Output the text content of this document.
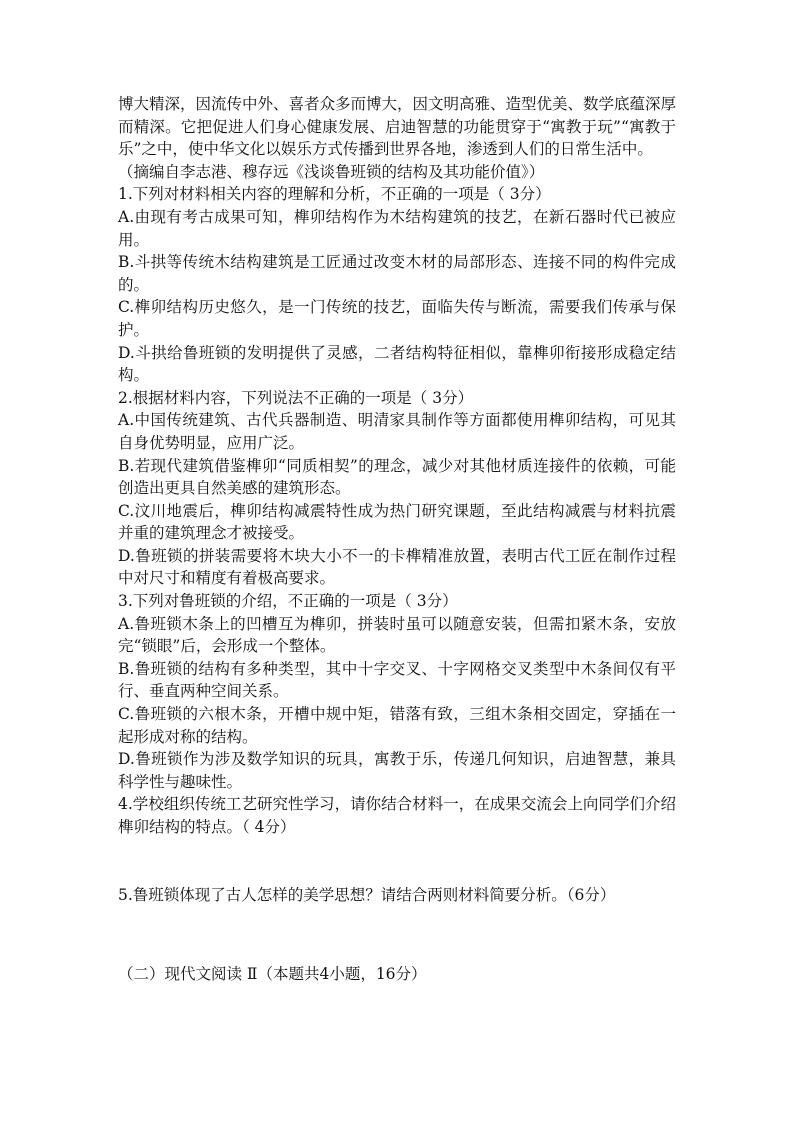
博大精深，因流传中外、喜者众多而博大，因文明高雅、造型优美、数学底蕴深厚而精深。它把促进人们身心健康发展、启迪智慧的功能贯穿于“寓教于玩”“寓教于乐”之中，使中华文化以娱乐方式传播到世界各地，渗透到人们的日常生活中。

（摘编自李志港、穆存远《浅谈鲁班锁的结构及其功能价值》）

1.下列对材料相关内容的理解和分析，不正确的一项是（ 3分）

A.由现有考古成果可知，榫卯结构作为木结构建筑的技艺，在新石器时代已被应用。

B.斗拱等传统木结构建筑是工匠通过改变木材的局部形态、连接不同的构件完成的。

C.榫卯结构历史悠久，是一门传统的技艺，面临失传与断流，需要我们传承与保护。

D.斗拱给鲁班锁的发明提供了灵感，二者结构特征相似，靠榫卯衔接形成稳定结构。

2.根据材料内容，下列说法不正确的一项是（ 3分）

A.中国传统建筑、古代兵器制造、明清家具制作等方面都使用榫卯结构，可见其自身优势明显，应用广泛。

B.若现代建筑借鉴榫卯“同质相契”的理念，减少对其他材质连接件的依赖，可能创造出更具自然美感的建筑形态。

C.汶川地震后，榫卯结构减震特性成为热门研究课题，至此结构减震与材料抗震并重的建筑理念才被接受。

D.鲁班锁的拼装需要将木块大小不一的卡榫精准放置，表明古代工匠在制作过程中对尺寸和精度有着极高要求。

3.下列对鲁班锁的介绍，不正确的一项是（ 3分）

A.鲁班锁木条上的凹槽互为榫卯，拼装时虽可以随意安装，但需扣紧木条，安放完“锁眼”后，会形成一个整体。

B.鲁班锁的结构有多种类型，其中十字交叉、十字网格交叉类型中木条间仅有平行、垂直两种空间关系。

C.鲁班锁的六根木条，开槽中规中矩，错落有致，三组木条相交固定，穿插在一起形成对称的结构。

D.鲁班锁作为涉及数学知识的玩具，寓教于乐，传递几何知识，启迪智慧，兼具科学性与趣味性。

4.学校组织传统工艺研究性学习，请你结合材料一，在成果交流会上向同学们介绍榫卯结构的特点。（ 4分）

5.鲁班锁体现了古人怎样的美学思想？请结合两则材料简要分析。（6分）

（二）现代文阅读 Ⅱ（本题共4小题，16分）
